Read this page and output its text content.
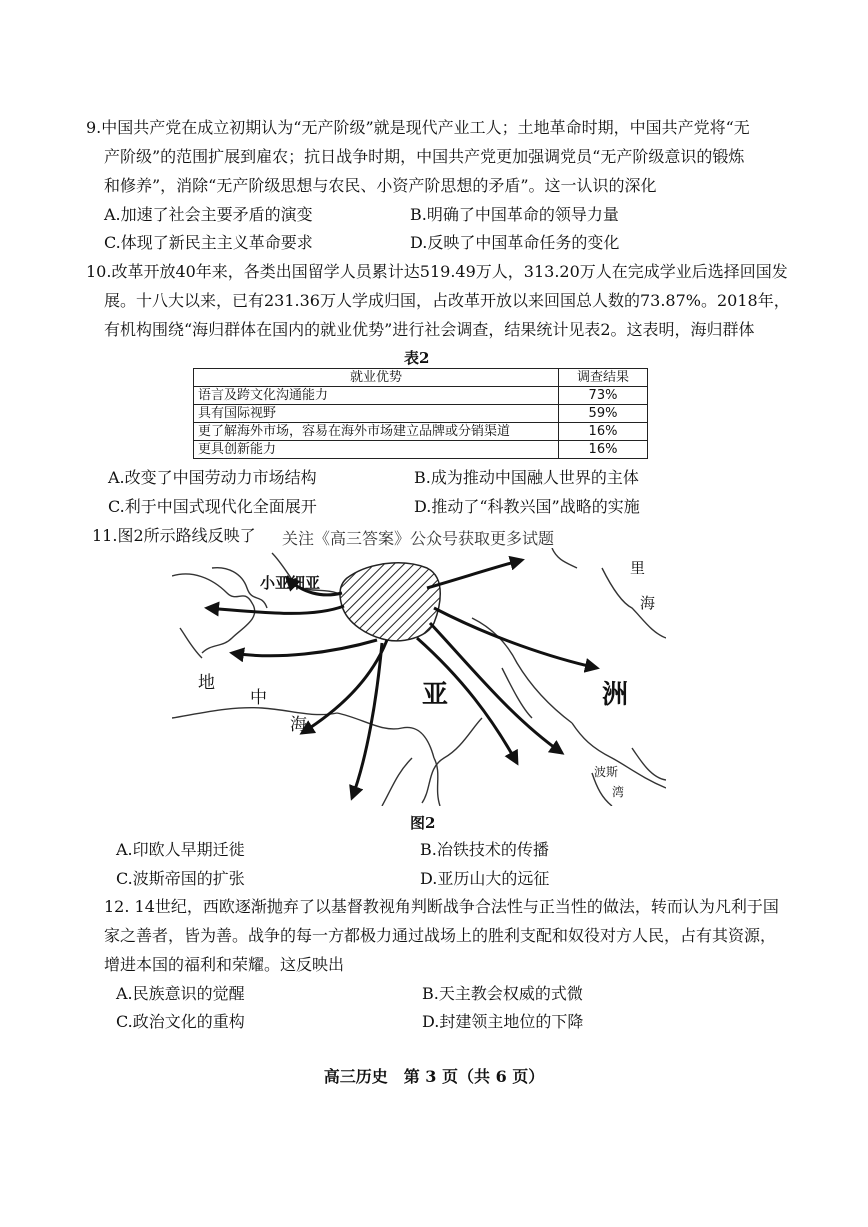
9.中国共产党在成立初期认为“无产阶级”就是现代产业工人；土地革命时期，中国共产党将“无
产阶级”的范围扩展到雇农；抗日战争时期，中国共产党更加强调党员“无产阶级意识的锻炼
和修养”，消除“无产阶级思想与农民、小资产阶思想的矛盾”。这一认识的深化
A.加速了社会主要矛盾的演变	B.明确了中国革命的领导力量
C.体现了新民主主义革命要求	D.反映了中国革命任务的变化
10.改革开放40年来，各类出国留学人员累计达519.49万人，313.20万人在完成学业后选择回国发
展。十八大以来，已有231.36万人学成归国，占改革开放以来回国总人数的73.87%。2018年，
有机构围绕“海归群体在国内的就业优势”进行社会调查，结果统计见表2。这表明，海归群体
表2
就业优势	调查结果
语言及跨文化沟通能力	73%
具有国际视野	59%
更了解海外市场，容易在海外市场建立品牌或分销渠道	16%
更具创新能力	16%
A.改变了中国劳动力市场结构	B.成为推动中国融人世界的主体
C.利于中国式现代化全面展开	D.推动了“科教兴国”战略的实施
11.图2所示路线反映了 关注《高三答案》公众号获取更多试题
小亚细亚
里
海
地
中
海
亚	洲
波斯
湾
图2
A.印欧人早期迁徙	B.冶铁技术的传播
C.波斯帝国的扩张	D.亚历山大的远征
12. 14世纪，西欧逐渐抛弃了以基督教视角判断战争合法性与正当性的做法，转而认为凡利于国
家之善者，皆为善。战争的每一方都极力通过战场上的胜利支配和奴役对方人民，占有其资源，
增进本国的福利和荣耀。这反映出
A.民族意识的觉醒	B.天主教会权威的式微
C.政治文化的重构	D.封建领主地位的下降
高三历史　第 3 页（共 6 页）
